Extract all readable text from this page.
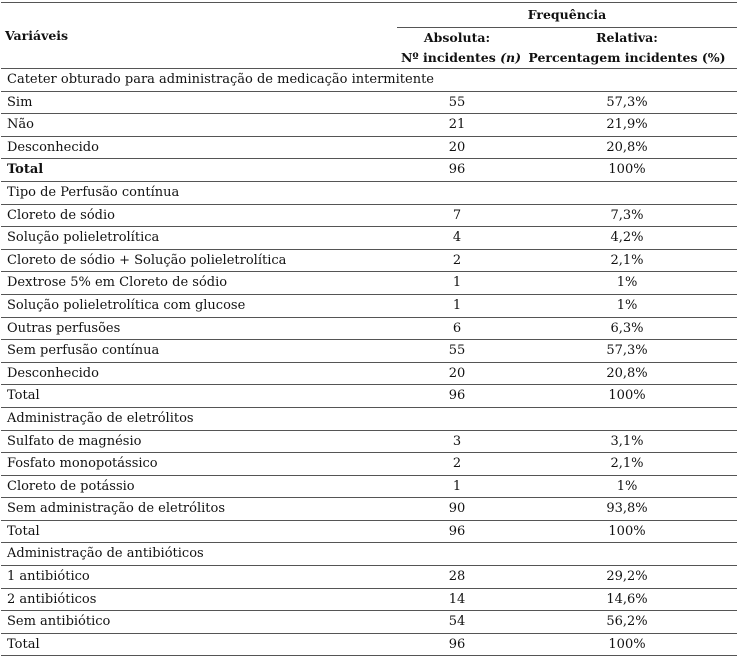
Variáveis	Frequência	
	Absoluta:	Relativa:
	Nº incidentes (n)	Percentagem incidentes (%)
Cateter obturado para administração de medicação intermitente		
Sim	55	57,3%
Não	21	21,9%
Desconhecido	20	20,8%
Total	96	100%
Tipo de Perfusão contínua		
Cloreto de sódio	7	7,3%
Solução polieletrolítica	4	4,2%
Cloreto de sódio + Solução polieletrolítica	2	2,1%
Dextrose 5% em Cloreto de sódio	1	1%
Solução polieletrolítica com glucose	1	1%
Outras perfusões	6	6,3%
Sem perfusão contínua	55	57,3%
Desconhecido	20	20,8%
Total	96	100%
Administração de eletrólitos		
Sulfato de magnésio	3	3,1%
Fosfato monopotássico	2	2,1%
Cloreto de potássio	1	1%
Sem administração de eletrólitos	90	93,8%
Total	96	100%
Administração de antibióticos		
1 antibiótico	28	29,2%
2 antibióticos	14	14,6%
Sem antibiótico	54	56,2%
Total	96	100%
